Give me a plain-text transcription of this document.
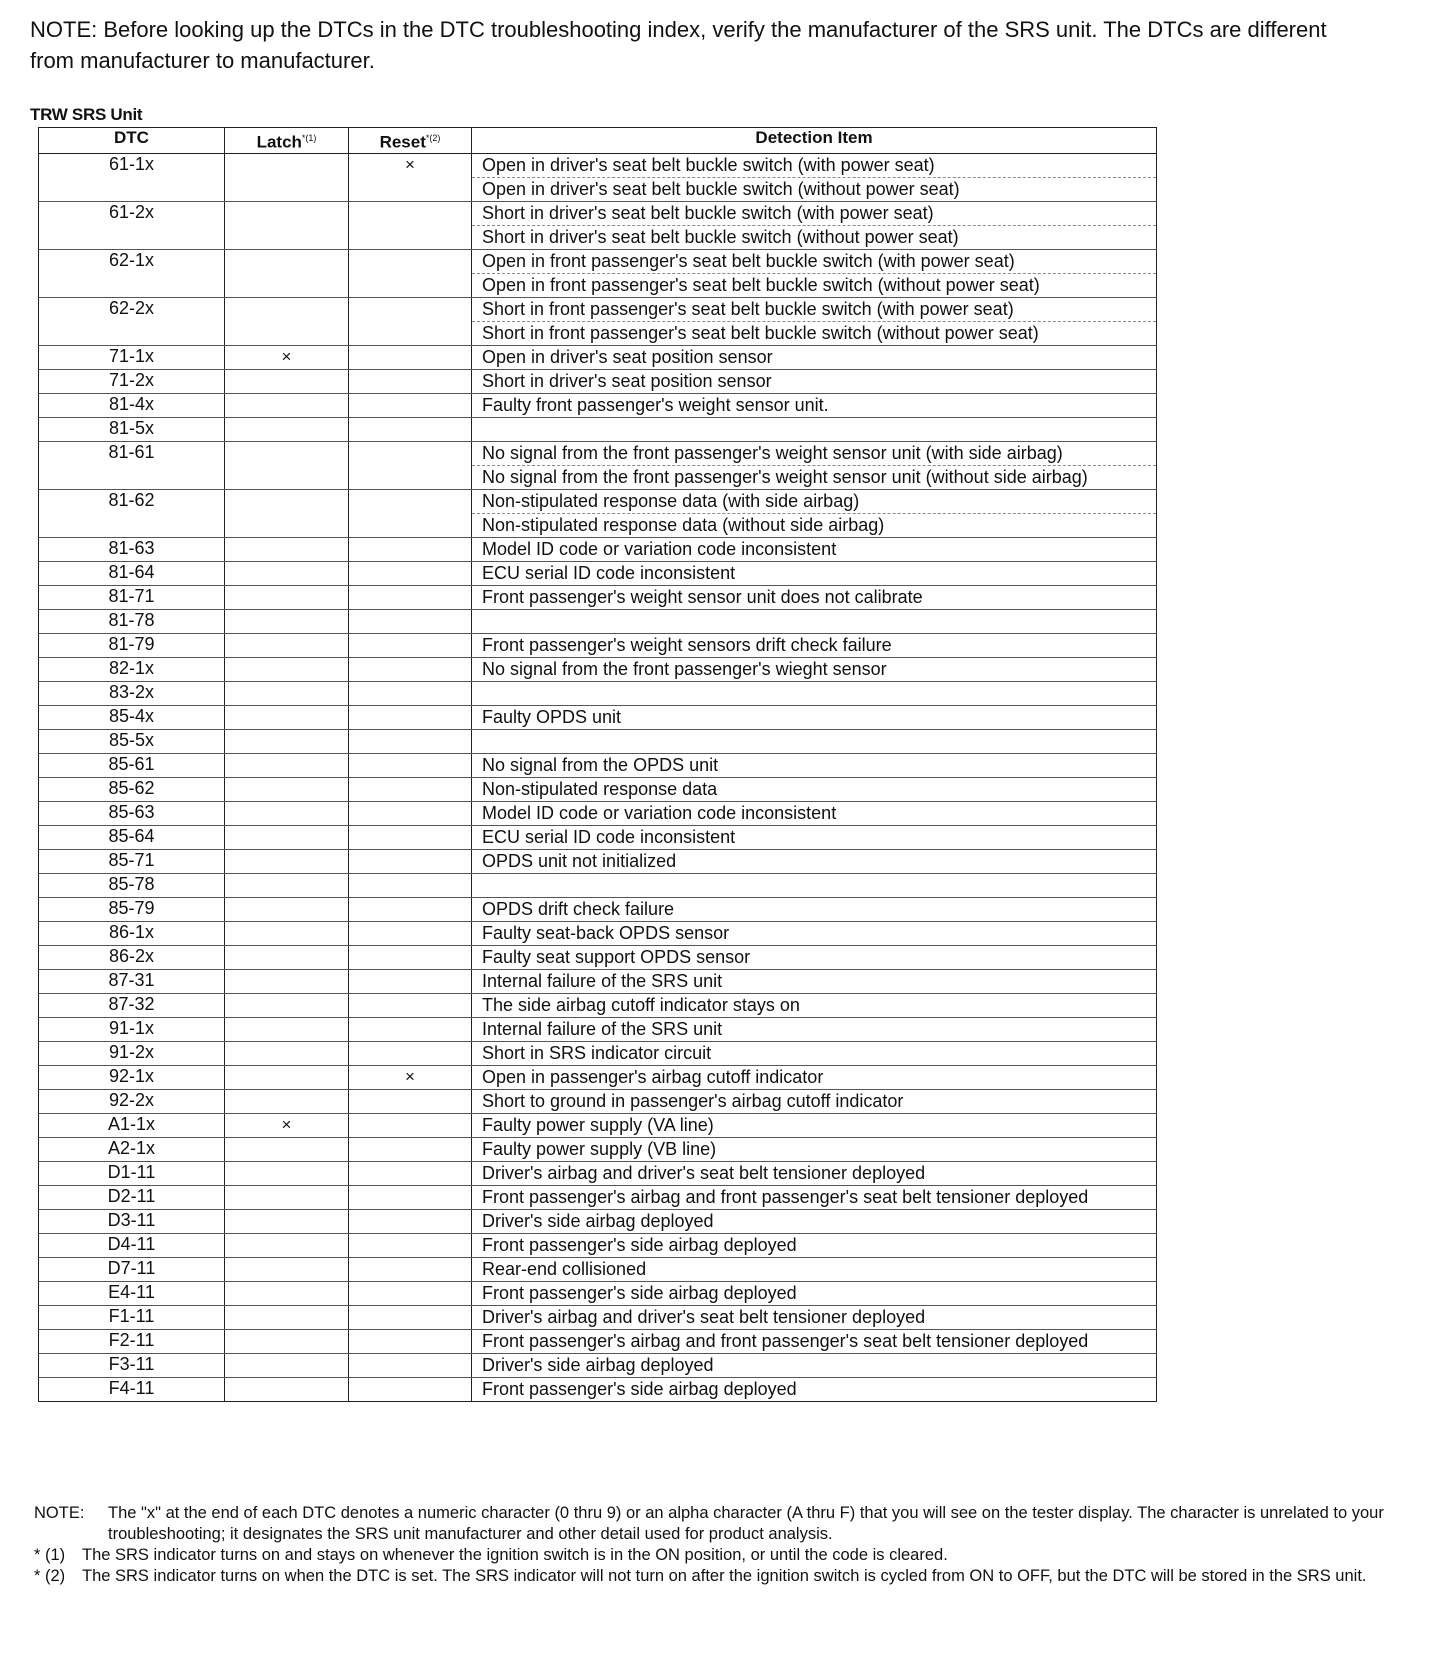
NOTE: Before looking up the DTCs in the DTC troubleshooting index, verify the manufacturer of the SRS unit. The DTCs are different from manufacturer to manufacturer.

TRW SRS Unit

DTC	Latch$^{*(1)}$	Reset$^{*(2)}$	Detection Item
61-1x		×	Open in driver's seat belt buckle switch (with power seat)
Open in driver's seat belt buckle switch (without power seat)

61-2x			Short in driver's seat belt buckle switch (with power seat)
Short in driver's seat belt buckle switch (without power seat)

62-1x			Open in front passenger's seat belt buckle switch (with power seat)
Open in front passenger's seat belt buckle switch (without power seat)

62-2x			Short in front passenger's seat belt buckle switch (with power seat)
Short in front passenger's seat belt buckle switch (without power seat)

71-1x	×		Open in driver's seat position sensor

71-2x			Short in driver's seat position sensor

81-4x			Faulty front passenger's weight sensor unit.

81-5x			

81-61			No signal from the front passenger's weight sensor unit (with side airbag)
No signal from the front passenger's weight sensor unit (without side airbag)

81-62			Non-stipulated response data (with side airbag)
Non-stipulated response data (without side airbag)

81-63			Model ID code or variation code inconsistent

81-64			ECU serial ID code inconsistent

81-71			Front passenger's weight sensor unit does not calibrate

81-78			

81-79			Front passenger's weight sensors drift check failure

82-1x			No signal from the front passenger's wieght sensor

83-2x			

85-4x			Faulty OPDS unit

85-5x			

85-61			No signal from the OPDS unit

85-62			Non-stipulated response data

85-63			Model ID code or variation code inconsistent

85-64			ECU serial ID code inconsistent

85-71			OPDS unit not initialized

85-78			

85-79			OPDS drift check failure

86-1x			Faulty seat-back OPDS sensor

86-2x			Faulty seat support OPDS sensor

87-31			Internal failure of the SRS unit

87-32			The side airbag cutoff indicator stays on

91-1x			Internal failure of the SRS unit

91-2x			Short in SRS indicator circuit

92-1x		×	Open in passenger's airbag cutoff indicator

92-2x			Short to ground in passenger's airbag cutoff indicator

A1-1x	×		Faulty power supply (VA line)

A2-1x			Faulty power supply (VB line)

D1-11			Driver's airbag and driver's seat belt tensioner deployed

D2-11			Front passenger's airbag and front passenger's seat belt tensioner deployed

D3-11			Driver's side airbag deployed

D4-11			Front passenger's side airbag deployed

D7-11			Rear-end collisioned

E4-11			Front passenger's side airbag deployed

F1-11			Driver's airbag and driver's seat belt tensioner deployed

F2-11			Front passenger's airbag and front passenger's seat belt tensioner deployed

F3-11			Driver's side airbag deployed

F4-11			Front passenger's side airbag deployed
NOTE:	The "x" at the end of each DTC denotes a numeric character (0 thru 9) or an alpha character (A thru F) that you will see on the tester display. The character is unrelated to your troubleshooting; it designates the SRS unit manufacturer and other detail used for product analysis.
* (1)	The SRS indicator turns on and stays on whenever the ignition switch is in the ON position, or until the code is cleared.
* (2)	The SRS indicator turns on when the DTC is set. The SRS indicator will not turn on after the ignition switch is cycled from ON to OFF, but the DTC will be stored in the SRS unit.
